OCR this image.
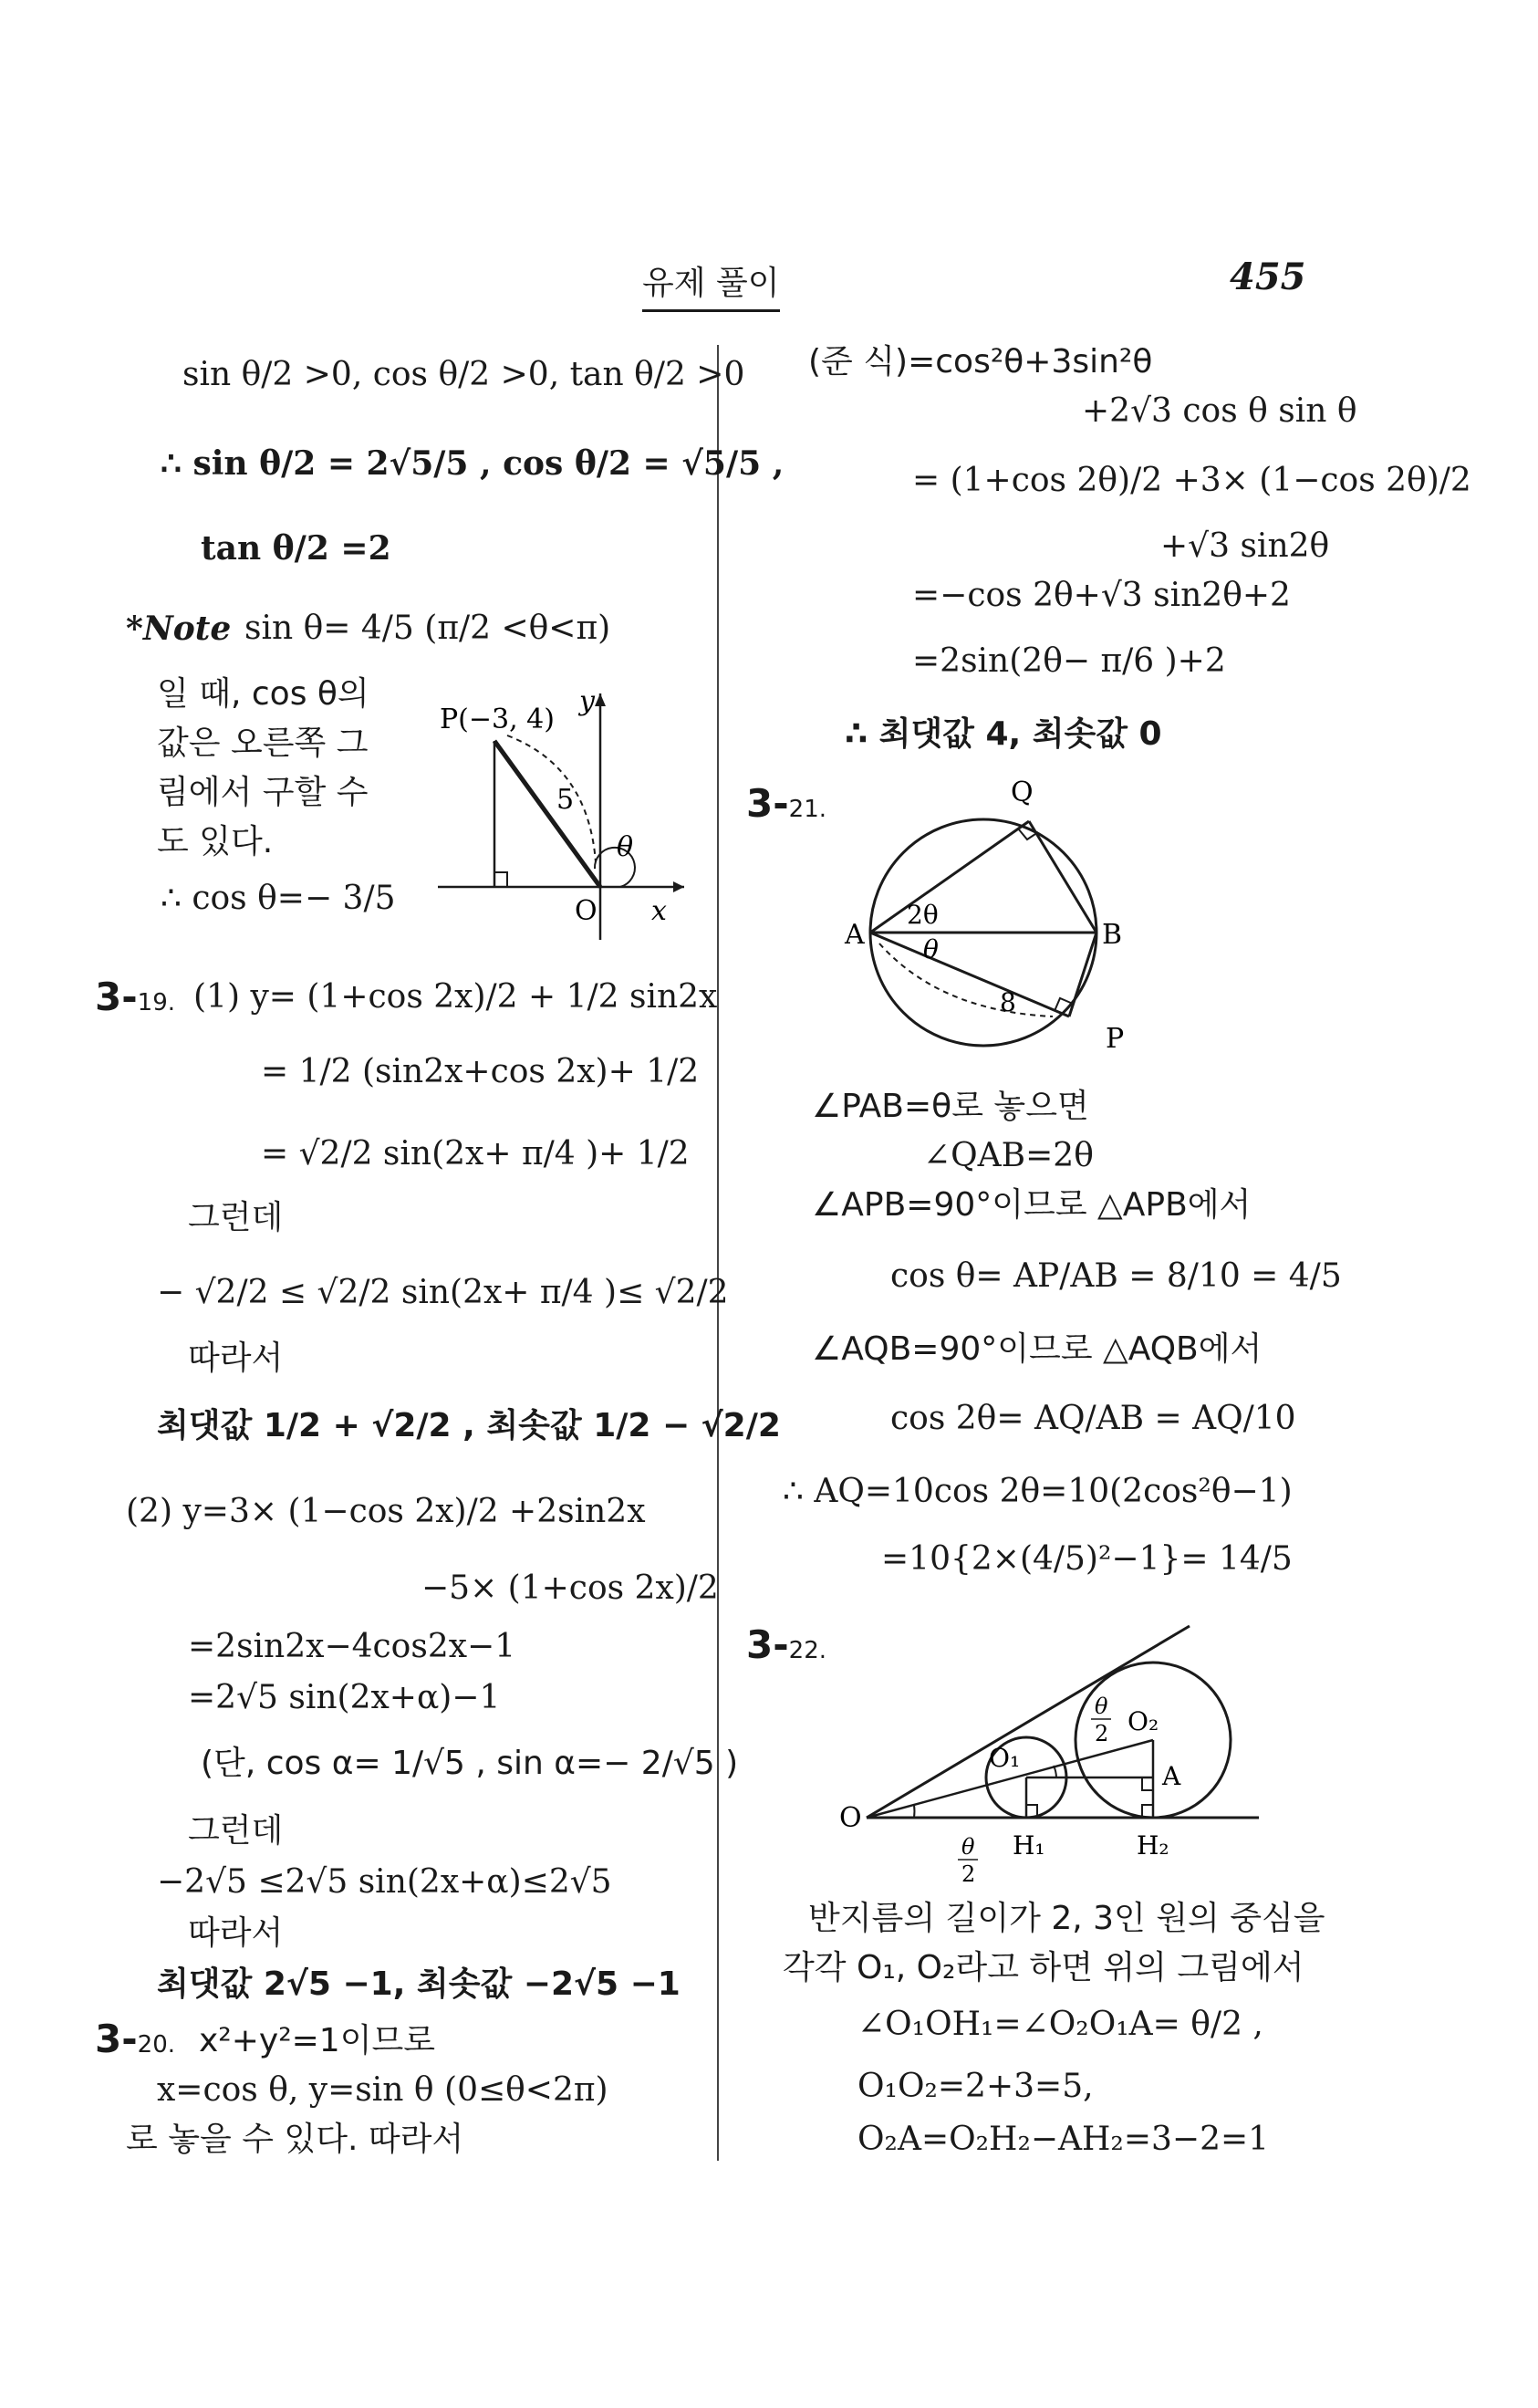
유제 풀이	455
sin θ/2 >0, cos θ/2 >0, tan θ/2 >0
∴ sin θ/2 = 2√5/5 , cos θ/2 = √5/5 ,
tan θ/2 =2
*Note sin θ= 4/5 (π/2 <θ<π)
일 때, cos θ의
값은 오른쪽 그
림에서 구할 수
도 있다.
∴ cos θ=− 3/5
P(−3, 4)
y
x
O
5
θ
3-19. (1) y= (1+cos 2x)/2 + 1/2 sin2x
= 1/2 (sin2x+cos 2x)+ 1/2
= √2/2 sin(2x+ π/4 )+ 1/2
그런데
− √2/2 ≤ √2/2 sin(2x+ π/4 )≤ √2/2
따라서
최댓값 1/2 + √2/2 , 최솟값 1/2 − √2/2
(2) y=3× (1−cos 2x)/2 +2sin2x
−5× (1+cos 2x)/2
=2sin2x−4cos2x−1
=2√5 sin(2x+α)−1
(단, cos α= 1/√5 , sin α=− 2/√5 )
그런데
−2√5 ≤2√5 sin(2x+α)≤2√5
따라서
최댓값 2√5 −1, 최솟값 −2√5 −1
3-20. x²+y²=1이므로
x=cos θ, y=sin θ (0≤θ<2π)
로 놓을 수 있다. 따라서
(준 식)=cos²θ+3sin²θ
+2√3 cos θ sin θ
= (1+cos 2θ)/2 +3× (1−cos 2θ)/2
+√3 sin2θ
=−cos 2θ+√3 sin2θ+2
=2sin(2θ− π/6 )+2
∴ 최댓값 4, 최솟값 0
3-21.
Q
A	B
P
2θ
θ
8
∠PAB=θ로 놓으면
∠QAB=2θ
∠APB=90°이므로 △APB에서
cos θ= AP/AB = 8/10 = 4/5
∠AQB=90°이므로 △AQB에서
cos 2θ= AQ/AB = AQ/10
∴ AQ=10cos 2θ=10(2cos²θ−1)
=10{2×(4/5)²−1}= 14/5
3-22.
O
O₁
O₂
A
H₁	H₂
θ
2
θ
2
반지름의 길이가 2, 3인 원의 중심을
각각 O₁, O₂라고 하면 위의 그림에서
∠O₁OH₁=∠O₂O₁A= θ/2 ,
O₁O₂=2+3=5,
O₂A=O₂H₂−AH₂=3−2=1
